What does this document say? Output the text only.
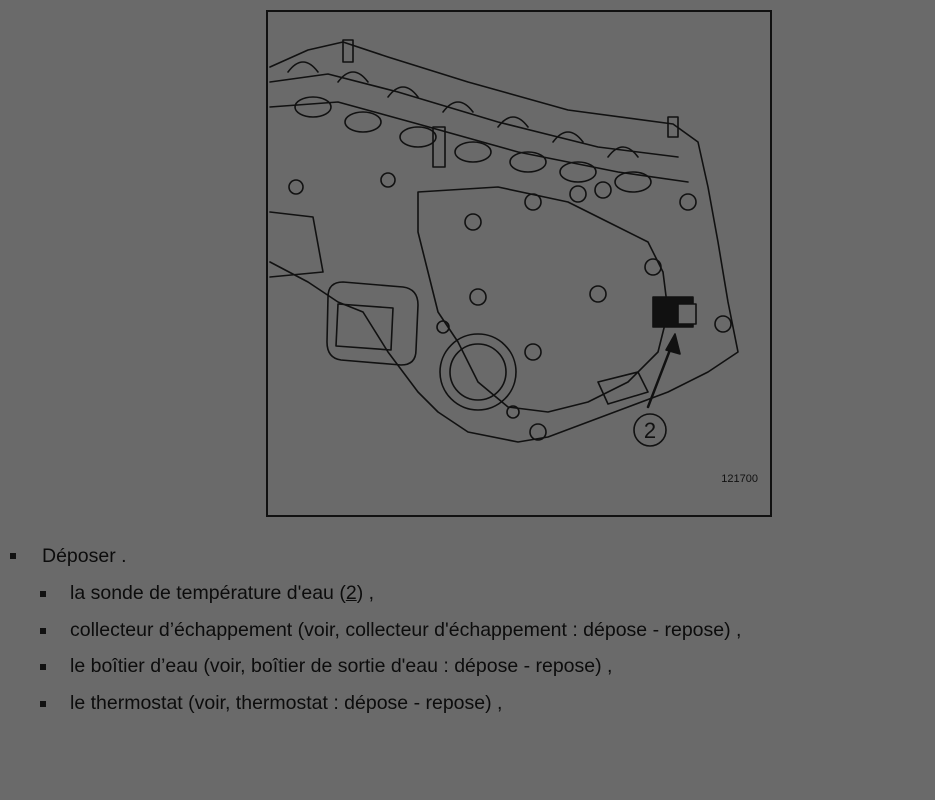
2
121700
Déposer .
la sonde de température d'eau (2) ,
collecteur d’échappement (voir, collecteur d'échappement : dépose - repose) ,
le boîtier d’eau (voir, boîtier de sortie d'eau : dépose - repose) ,
le thermostat (voir, thermostat : dépose - repose) ,
